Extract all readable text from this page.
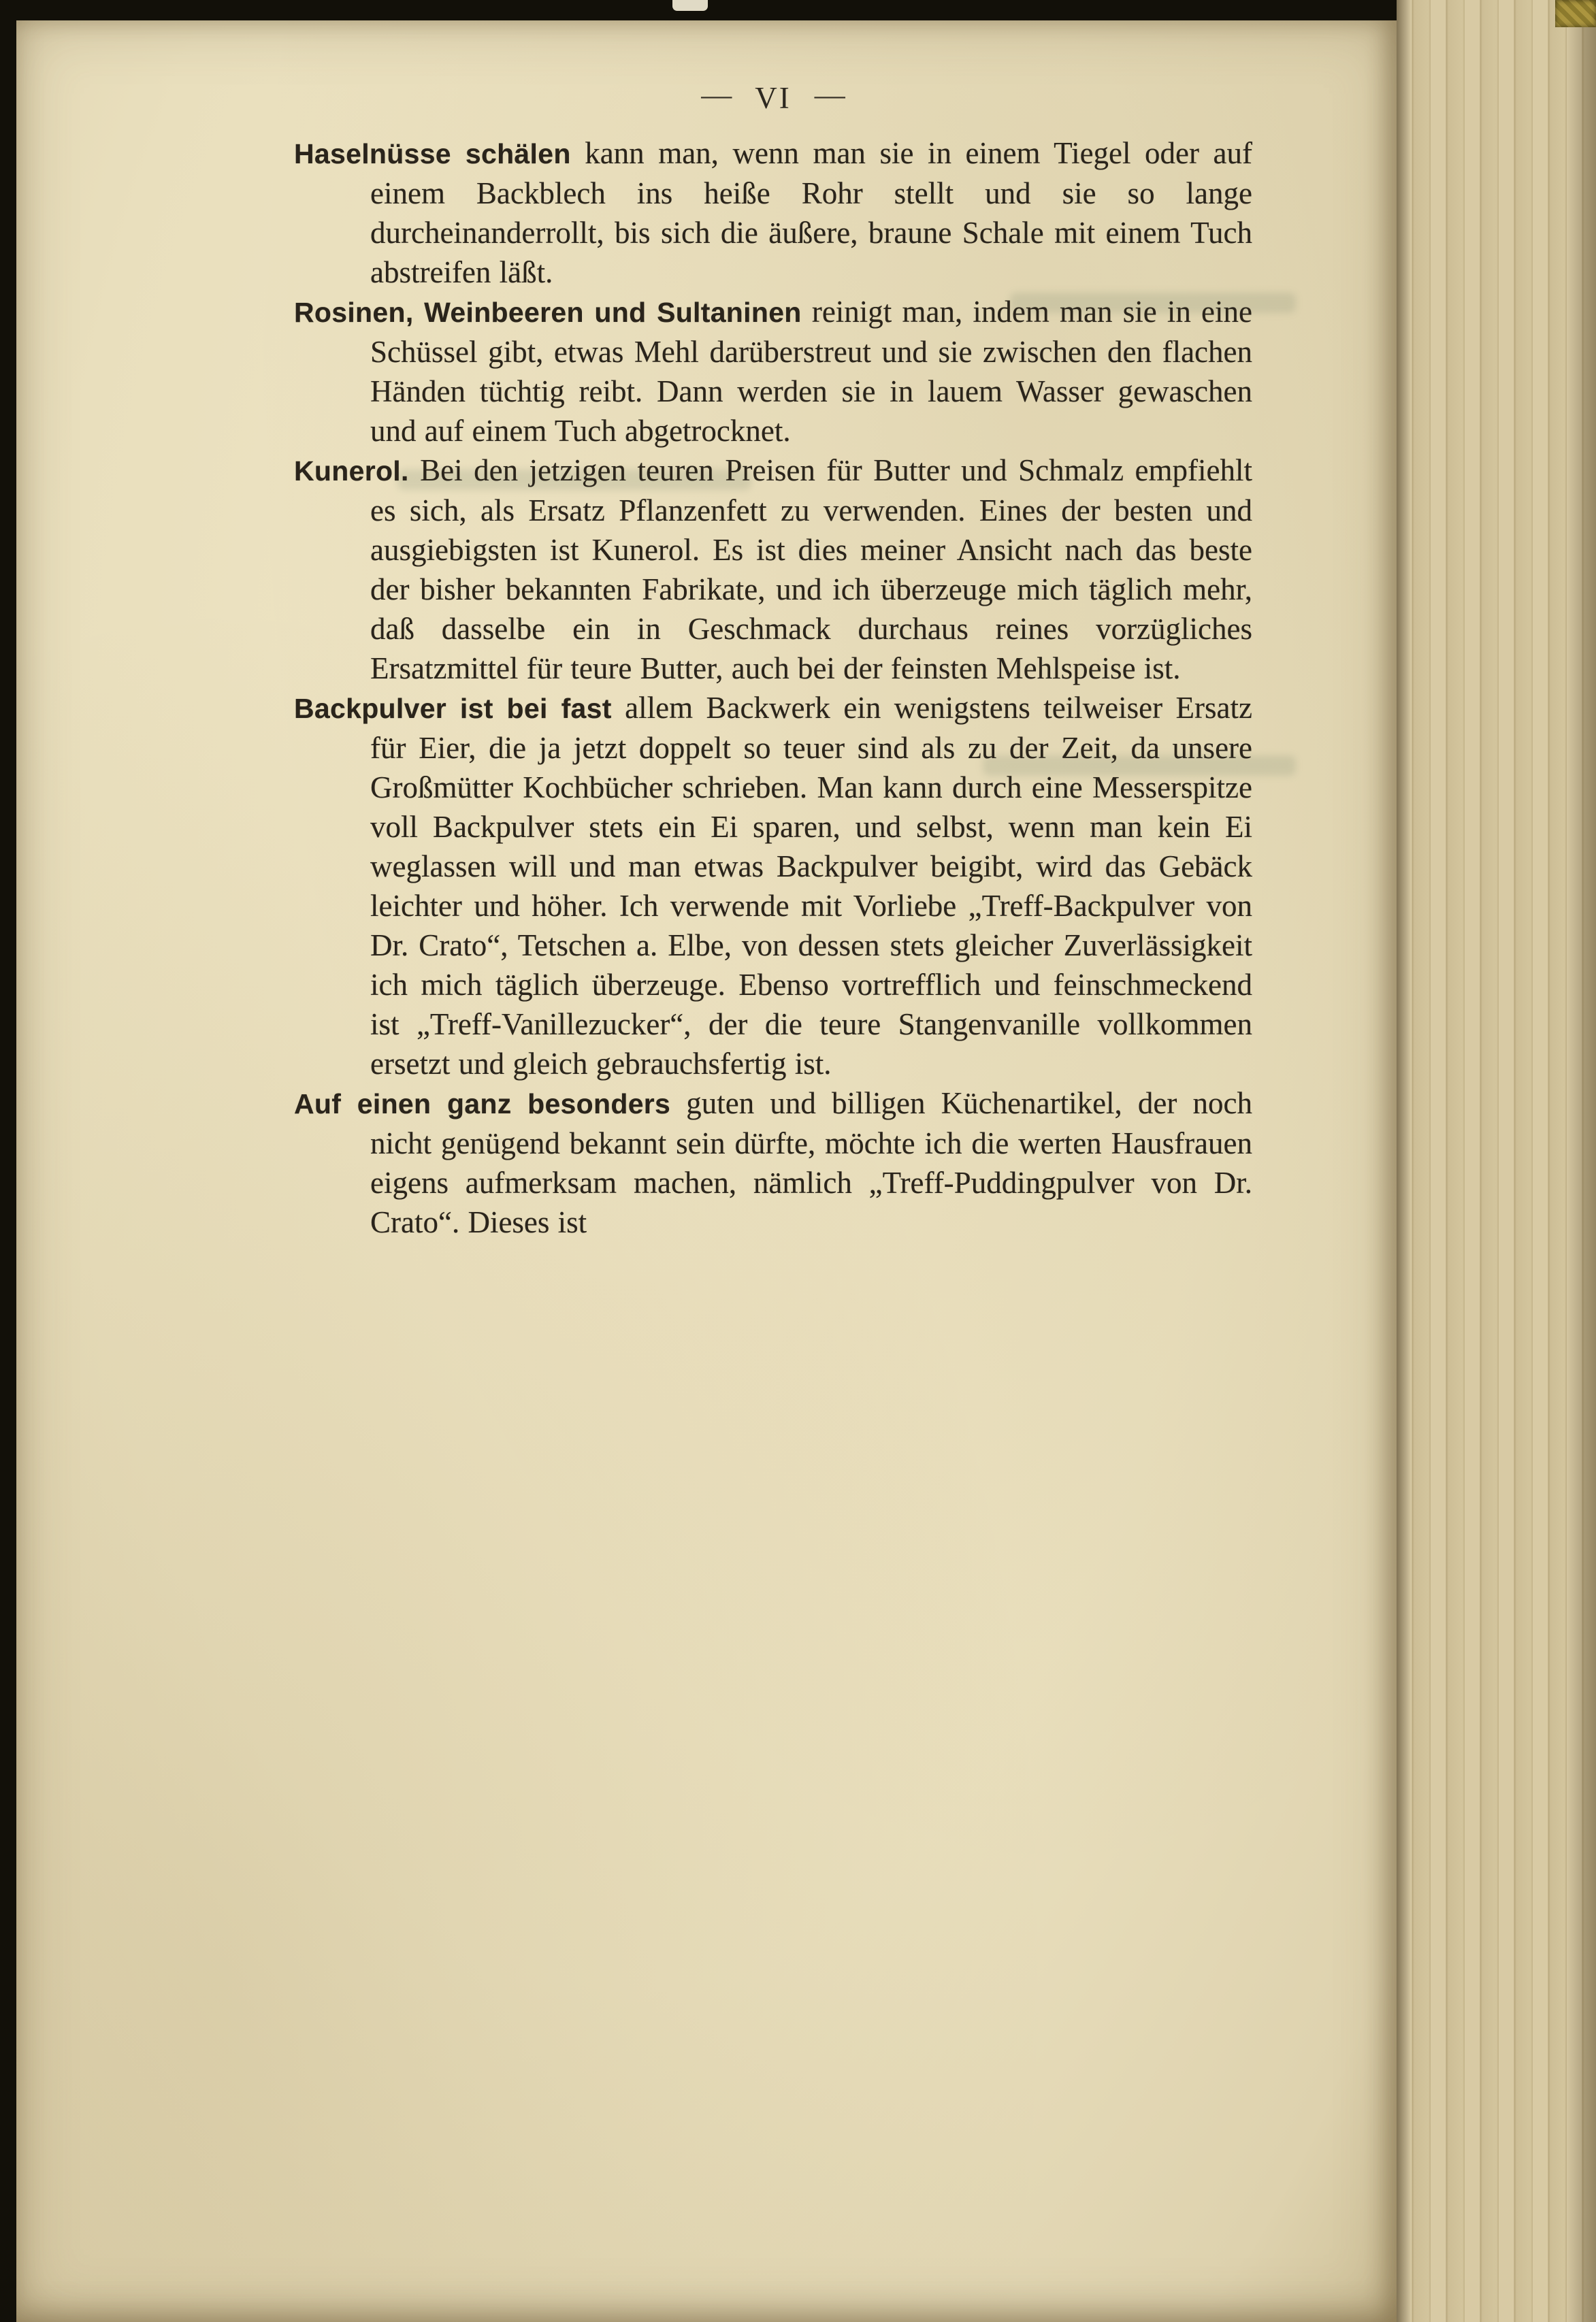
— VI —

Haselnüsse schälen kann man, wenn man sie in einem Tiegel oder auf einem Backblech ins heiße Rohr stellt und sie so lange durcheinanderrollt, bis sich die äußere, braune Schale mit einem Tuch abstreifen läßt.

Rosinen, Weinbeeren und Sultaninen reinigt man, indem man sie in eine Schüssel gibt, etwas Mehl darüberstreut und sie zwischen den flachen Händen tüchtig reibt. Dann werden sie in lauem Wasser gewaschen und auf einem Tuch abgetrocknet.

Kunerol. Bei den jetzigen teuren Preisen für Butter und Schmalz empfiehlt es sich, als Ersatz Pflanzenfett zu verwenden. Eines der besten und ausgiebigsten ist Kunerol. Es ist dies meiner Ansicht nach das beste der bisher bekannten Fabrikate, und ich überzeuge mich täglich mehr, daß dasselbe ein in Geschmack durchaus reines vorzügliches Ersatzmittel für teure Butter, auch bei der feinsten Mehlspeise ist.

Backpulver ist bei fast allem Backwerk ein wenigstens teilweiser Ersatz für Eier, die ja jetzt doppelt so teuer sind als zu der Zeit, da unsere Großmütter Kochbücher schrieben. Man kann durch eine Messerspitze voll Backpulver stets ein Ei sparen, und selbst, wenn man kein Ei weglassen will und man etwas Backpulver beigibt, wird das Gebäck leichter und höher. Ich verwende mit Vorliebe „Treff-Backpulver von Dr. Crato“, Tetschen a. Elbe, von dessen stets gleicher Zuverlässigkeit ich mich täglich überzeuge. Ebenso vortrefflich und feinschmeckend ist „Treff-Vanillezucker“, der die teure Stangenvanille vollkommen ersetzt und gleich gebrauchsfertig ist.

Auf einen ganz besonders guten und billigen Küchenartikel, der noch nicht genügend bekannt sein dürfte, möchte ich die werten Hausfrauen eigens aufmerksam machen, nämlich „Treff-Puddingpulver von Dr. Crato“. Dieses ist
